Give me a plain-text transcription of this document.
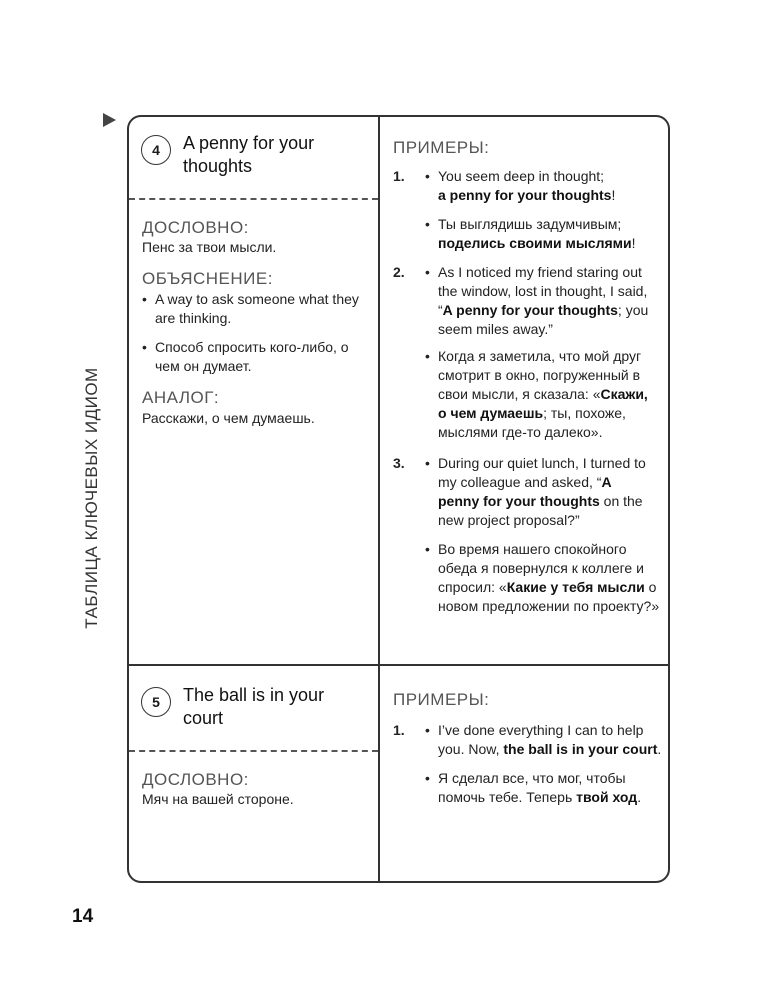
ТАБЛИЦА КЛЮЧЕВЫХ ИДИОМ
14
4	A penny for your thoughts
ДОСЛОВНО:
Пенс за твои мысли.
ОБЪЯСНЕНИЕ:
• A way to ask someone what they are thinking.
• Способ спросить кого-либо, о чем он думает.
АНАЛОГ:
Расскажи, о чем думаешь.
ПРИМЕРЫ:
1. • You seem deep in thought;
a penny for your thoughts!
• Ты выглядишь задумчивым;
поделись своими мыслями!
2. • As I noticed my friend staring out the window, lost in thought, I said, “A penny for your thoughts; you seem miles away.”
• Когда я заметила, что мой друг смотрит в окно, погруженный в свои мысли, я сказала: «Скажи, о чем думаешь; ты, похоже, мыслями где-то далеко».
3. • During our quiet lunch, I turned to my colleague and asked, “A penny for your thoughts on the new project proposal?”
• Во время нашего спокойного обеда я повернулся к коллеге и спросил: «Какие у тебя мысли о новом предложении по проекту?»
5	The ball is in your court
ДОСЛОВНО:
Мяч на вашей стороне.
ПРИМЕРЫ:
1. • I’ve done everything I can to help you. Now, the ball is in your court.
• Я сделал все, что мог, чтобы помочь тебе. Теперь твой ход.
